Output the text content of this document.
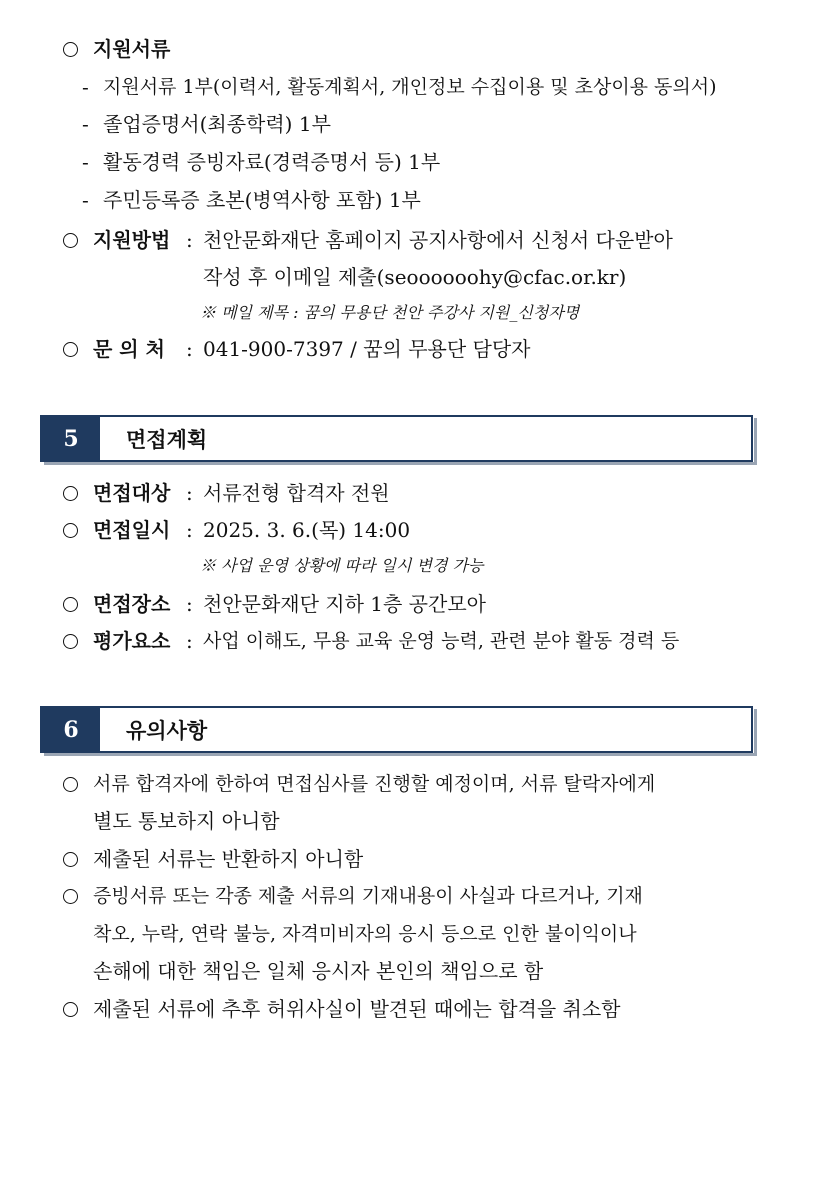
지원서류
- 지원서류 1부(이력서, 활동계획서, 개인정보 수집이용 및 초상이용 동의서)
- 졸업증명서(최종학력) 1부
- 활동경력 증빙자료(경력증명서 등) 1부
- 주민등록증 초본(병역사항 포함) 1부
지원방법 : 천안문화재단 홈페이지 공지사항에서 신청서 다운받아
작성 후 이메일 제출(seoooooohy@cfac.or.kr)
※ 메일 제목 : 꿈의 무용단 천안 주강사 지원_신청자명
문 의 처 : 041-900-7397 / 꿈의 무용단 담당자
5	면접계획
면접대상 : 서류전형 합격자 전원
면접일시 : 2025. 3. 6.(목) 14:00
※ 사업 운영 상황에 따라 일시 변경 가능
면접장소 : 천안문화재단 지하 1층 공간모아
평가요소 : 사업 이해도, 무용 교육 운영 능력, 관련 분야 활동 경력 등
6	유의사항
서류 합격자에 한하여 면접심사를 진행할 예정이며, 서류 탈락자에게
별도 통보하지 아니함
제출된 서류는 반환하지 아니함
증빙서류 또는 각종 제출 서류의 기재내용이 사실과 다르거나, 기재
착오, 누락, 연락 불능, 자격미비자의 응시 등으로 인한 불이익이나
손해에 대한 책임은 일체 응시자 본인의 책임으로 함
제출된 서류에 추후 허위사실이 발견된 때에는 합격을 취소함
